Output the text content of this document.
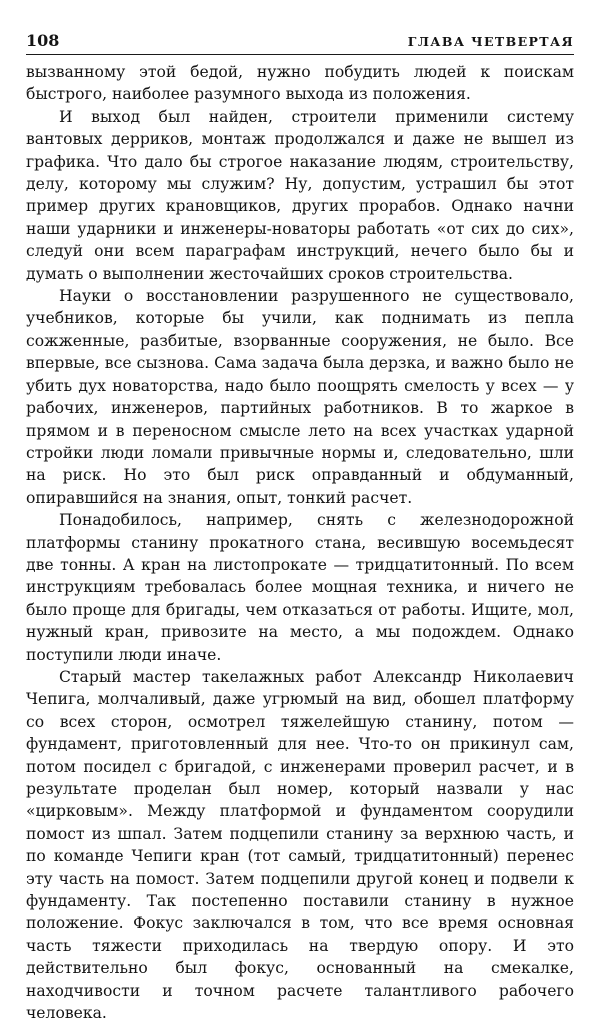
108	ГЛАВА ЧЕТВЕРТАЯ

вызванному этой бедой, нужно побудить людей к поискам быстрого, наиболее разумного выхода из положения.

И выход был найден, строители применили систему вантовых дерриков, монтаж продолжался и даже не вышел из графика. Что дало бы строгое наказание людям, строительству, делу, которому мы служим? Ну, допустим, устрашил бы этот пример других крановщиков, других прорабов. Однако начни наши ударники и инженеры-новаторы работать «от сих до сих», следуй они всем параграфам инструкций, нечего было бы и думать о выполнении жесточайших сроков строительства.

Науки о восстановлении разрушенного не существовало, учебников, которые бы учили, как поднимать из пепла сожженные, разбитые, взорванные сооружения, не было. Все впервые, все сызнова. Сама задача была дерзка, и важно было не убить дух новаторства, надо было поощрять смелость у всех — у рабочих, инженеров, партийных работников. В то жаркое в прямом и в переносном смысле лето на всех участках ударной стройки люди ломали привычные нормы и, следовательно, шли на риск. Но это был риск оправданный и обдуманный, опиравшийся на знания, опыт, тонкий расчет.

Понадобилось, например, снять с железнодорожной платформы станину прокатного стана, весившую восемьдесят две тонны. А кран на листопрокате — тридцатитонный. По всем инструкциям требовалась более мощная техника, и ничего не было проще для бригады, чем отказаться от работы. Ищите, мол, нужный кран, привозите на место, а мы подождем. Однако поступили люди иначе.

Старый мастер такелажных работ Александр Николаевич Чепига, молчаливый, даже угрюмый на вид, обошел платформу со всех сторон, осмотрел тяжелейшую станину, потом — фундамент, приготовленный для нее. Что-то он прикинул сам, потом посидел с бригадой, с инженерами проверил расчет, и в результате проделан был номер, который назвали у нас «цирковым». Между платформой и фундаментом соорудили помост из шпал. Затем подцепили станину за верхнюю часть, и по команде Чепиги кран (тот самый, тридцатитонный) перенес эту часть на помост. Затем подцепили другой конец и подвели к фундаменту. Так постепенно поставили станину в нужное положение. Фокус заключался в том, что все время основная часть тяжести приходилась на твердую опору. И это действительно был фокус, основанный на смекалке, находчивости и точном расчете талантливого рабочего человека.
